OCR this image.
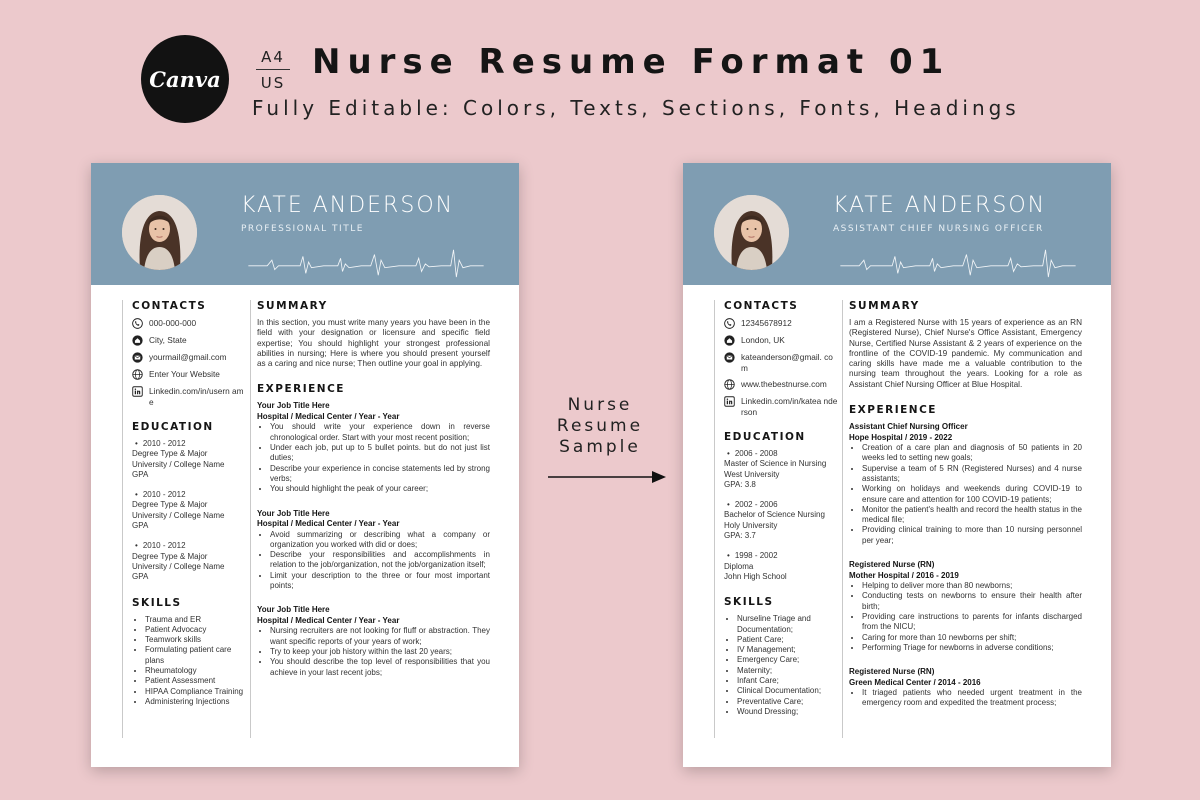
Canva
A4
US
Nurse Resume Format 01
Fully Editable: Colors, Texts, Sections, Fonts, Headings
Nurse
Resume
Sample
KATE ANDERSON
PROFESSIONAL TITLE
CONTACTS
000-000-000
City, State
yourmail@gmail.com
Enter Your Website
Linkedin.com/in/usern ame
EDUCATION
• 2010 - 2012
Degree Type & Major
University / College Name
GPA
• 2010 - 2012
Degree Type & Major
University / College Name
GPA
• 2010 - 2012
Degree Type & Major
University / College Name
GPA
SKILLS
• Trauma and ER
• Patient Advocacy
• Teamwork skills
• Formulating patient care plans
• Rheumatology
• Patient Assessment
• HIPAA Compliance Training
• Administering Injections
SUMMARY

In this section, you must write many years you have been in the field with your designation or licensure and specific field expertise; You should highlight your strongest professional abilities in nursing; Here is where you should present yourself as a caring and nice nurse; Then outline your goal in applying.

EXPERIENCE
Your Job Title Here
Hospital / Medical Center / Year - Year
• You should write your experience down in reverse chronological order. Start with your most recent position;
• Under each job, put up to 5 bullet points. but do not just list duties;
• Describe your experience in concise statements led by strong verbs;
• You should highlight the peak of your career;
Your Job Title Here
Hospital / Medical Center / Year - Year
• Avoid summarizing or describing what a company or organization you worked with did or does;
• Describe your responsibilities and accomplishments in relation to the job/organization, not the job/organization itself;
• Limit your description to the three or four most important points;
Your Job Title Here
Hospital / Medical Center / Year - Year
• Nursing recruiters are not looking for fluff or abstraction. They want specific reports of your years of work;
• Try to keep your job history within the last 20 years;
• You should describe the top level of responsibilities that you achieve in your last recent jobs;
KATE ANDERSON
ASSISTANT CHIEF NURSING OFFICER
CONTACTS
12345678912
London, UK
kateanderson@gmail. com
www.thebestnurse.com
Linkedin.com/in/katea nderson
EDUCATION
• 2006 - 2008
Master of Science in Nursing
West University
GPA: 3.8
• 2002 - 2006
Bachelor of Science Nursing
Holy University
GPA: 3.7
• 1998 - 2002
Diploma
John High School
SKILLS
• Nurseline Triage and Documentation;
• Patient Care;
• IV Management;
• Emergency Care;
• Maternity;
• Infant Care;
• Clinical Documentation;
• Preventative Care;
• Wound Dressing;
SUMMARY

I am a Registered Nurse with 15 years of experience as an RN (Registered Nurse), Chief Nurse's Office Assistant, Emergency Nurse, Certified Nurse Assistant & 2 years of experience on the frontline of the COVID-19 pandemic. My communication and caring skills have made me a valuable contribution to the nursing team throughout the years. Looking for a role as Assistant Chief Nursing Officer at Blue Hospital.

EXPERIENCE
Assistant Chief Nursing Officer
Hope Hospital / 2019 - 2022
• Creation of a care plan and diagnosis of 50 patients in 20 weeks led to setting new goals;
• Supervise a team of 5 RN (Registered Nurses) and 4 nurse assistants;
• Working on holidays and weekends during COVID-19 to ensure care and attention for 100 COVID-19 patients;
• Monitor the patient's health and record the health status in the medical file;
• Providing clinical training to more than 10 nursing personnel per year;
Registered Nurse (RN)
Mother Hospital / 2016 - 2019
• Helping to deliver more than 80 newborns;
• Conducting tests on newborns to ensure their health after birth;
• Providing care instructions to parents for infants discharged from the NICU;
• Caring for more than 10 newborns per shift;
• Performing Triage for newborns in adverse conditions;
Registered Nurse (RN)
Green Medical Center / 2014 - 2016
• It triaged patients who needed urgent treatment in the emergency room and expedited the treatment process;
